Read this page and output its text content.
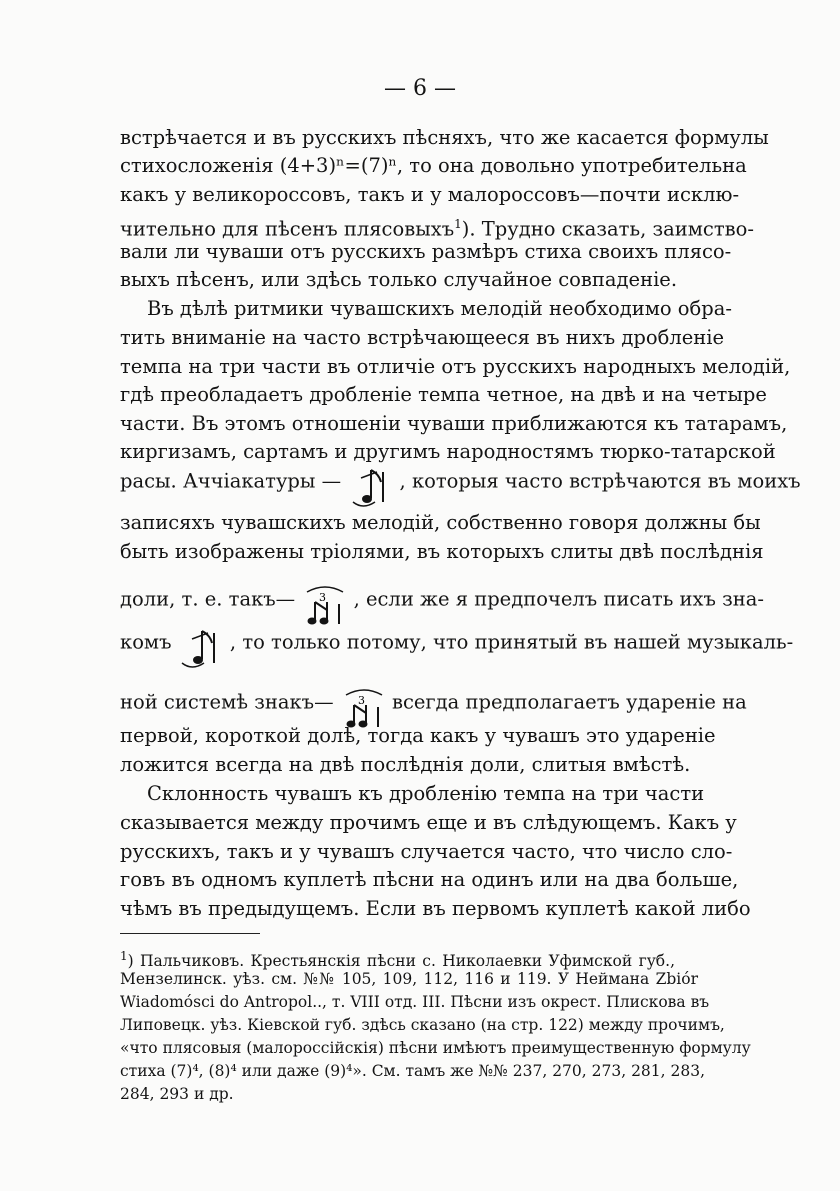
— 6 —
встрѣчается и въ русскихъ пѣсняхъ, что же касается формулы
стихосложенія (4+3)ⁿ=(7)ⁿ, то она довольно употребительна
какъ у великороссовъ, такъ и у малороссовъ—почти исклю-
чительно для пѣсенъ плясовыхъ$^1$). Трудно сказать, заимство-
вали ли чуваши отъ русскихъ размѣръ стиха своихъ плясо-
выхъ пѣсенъ, или здѣсь только случайное совпаденіе.
Въ дѣлѣ ритмики чувашскихъ мелодій необходимо обра-
тить вниманіе на часто встрѣчающееся въ нихъ дробленіе
темпа на три части въ отличіе отъ русскихъ народныхъ мелодій,
гдѣ преобладаетъ дробленіе темпа четное, на двѣ и на четыре
части. Въ этомъ отношеніи чуваши приближаются къ татарамъ,
киргизамъ, сартамъ и другимъ народностямъ тюрко-татарской
расы. Аччіакатуры —	, которыя часто встрѣчаются въ моихъ
записяхъ чувашскихъ мелодій, собственно говоря должны бы
быть изображены тріолями, въ которыхъ слиты двѣ послѣднія
доли, т. е. такъ— 3 , если же я предпочелъ писать ихъ зна-
комъ	, то только потому, что принятый въ нашей музыкаль-
ной системѣ знакъ— 3 всегда предполагаетъ удареніе на
первой, короткой долѣ, тогда какъ у чувашъ это удареніе
ложится всегда на двѣ послѣднія доли, слитыя вмѣстѣ.
Склонность чувашъ къ дробленію темпа на три части
сказывается между прочимъ еще и въ слѣдующемъ. Какъ у
русскихъ, такъ и у чувашъ случается часто, что число сло-
говъ въ одномъ куплетѣ пѣсни на одинъ или на два больше,
чѣмъ въ предыдущемъ. Если въ первомъ куплетѣ какой либо
$^1$) Пальчиковъ. Крестьянскія пѣсни с. Николаевки Уфимской губ.,
Мензелинск. уѣз. см. №№ 105, 109, 112, 116 и 119. У Неймана Zbiór
Wiadomósci do Antropol.., т. VIII отд. III. Пѣсни изъ окрест. Плискова въ
Липовецк. уѣз. Кіевской губ. здѣсь сказано (на стр. 122) между прочимъ,
«что плясовыя (малороссійскія) пѣсни имѣютъ преимущественную формулу
стиха (7)⁴, (8)⁴ или даже (9)⁴». См. тамъ же №№ 237, 270, 273, 281, 283,
284, 293 и др.
